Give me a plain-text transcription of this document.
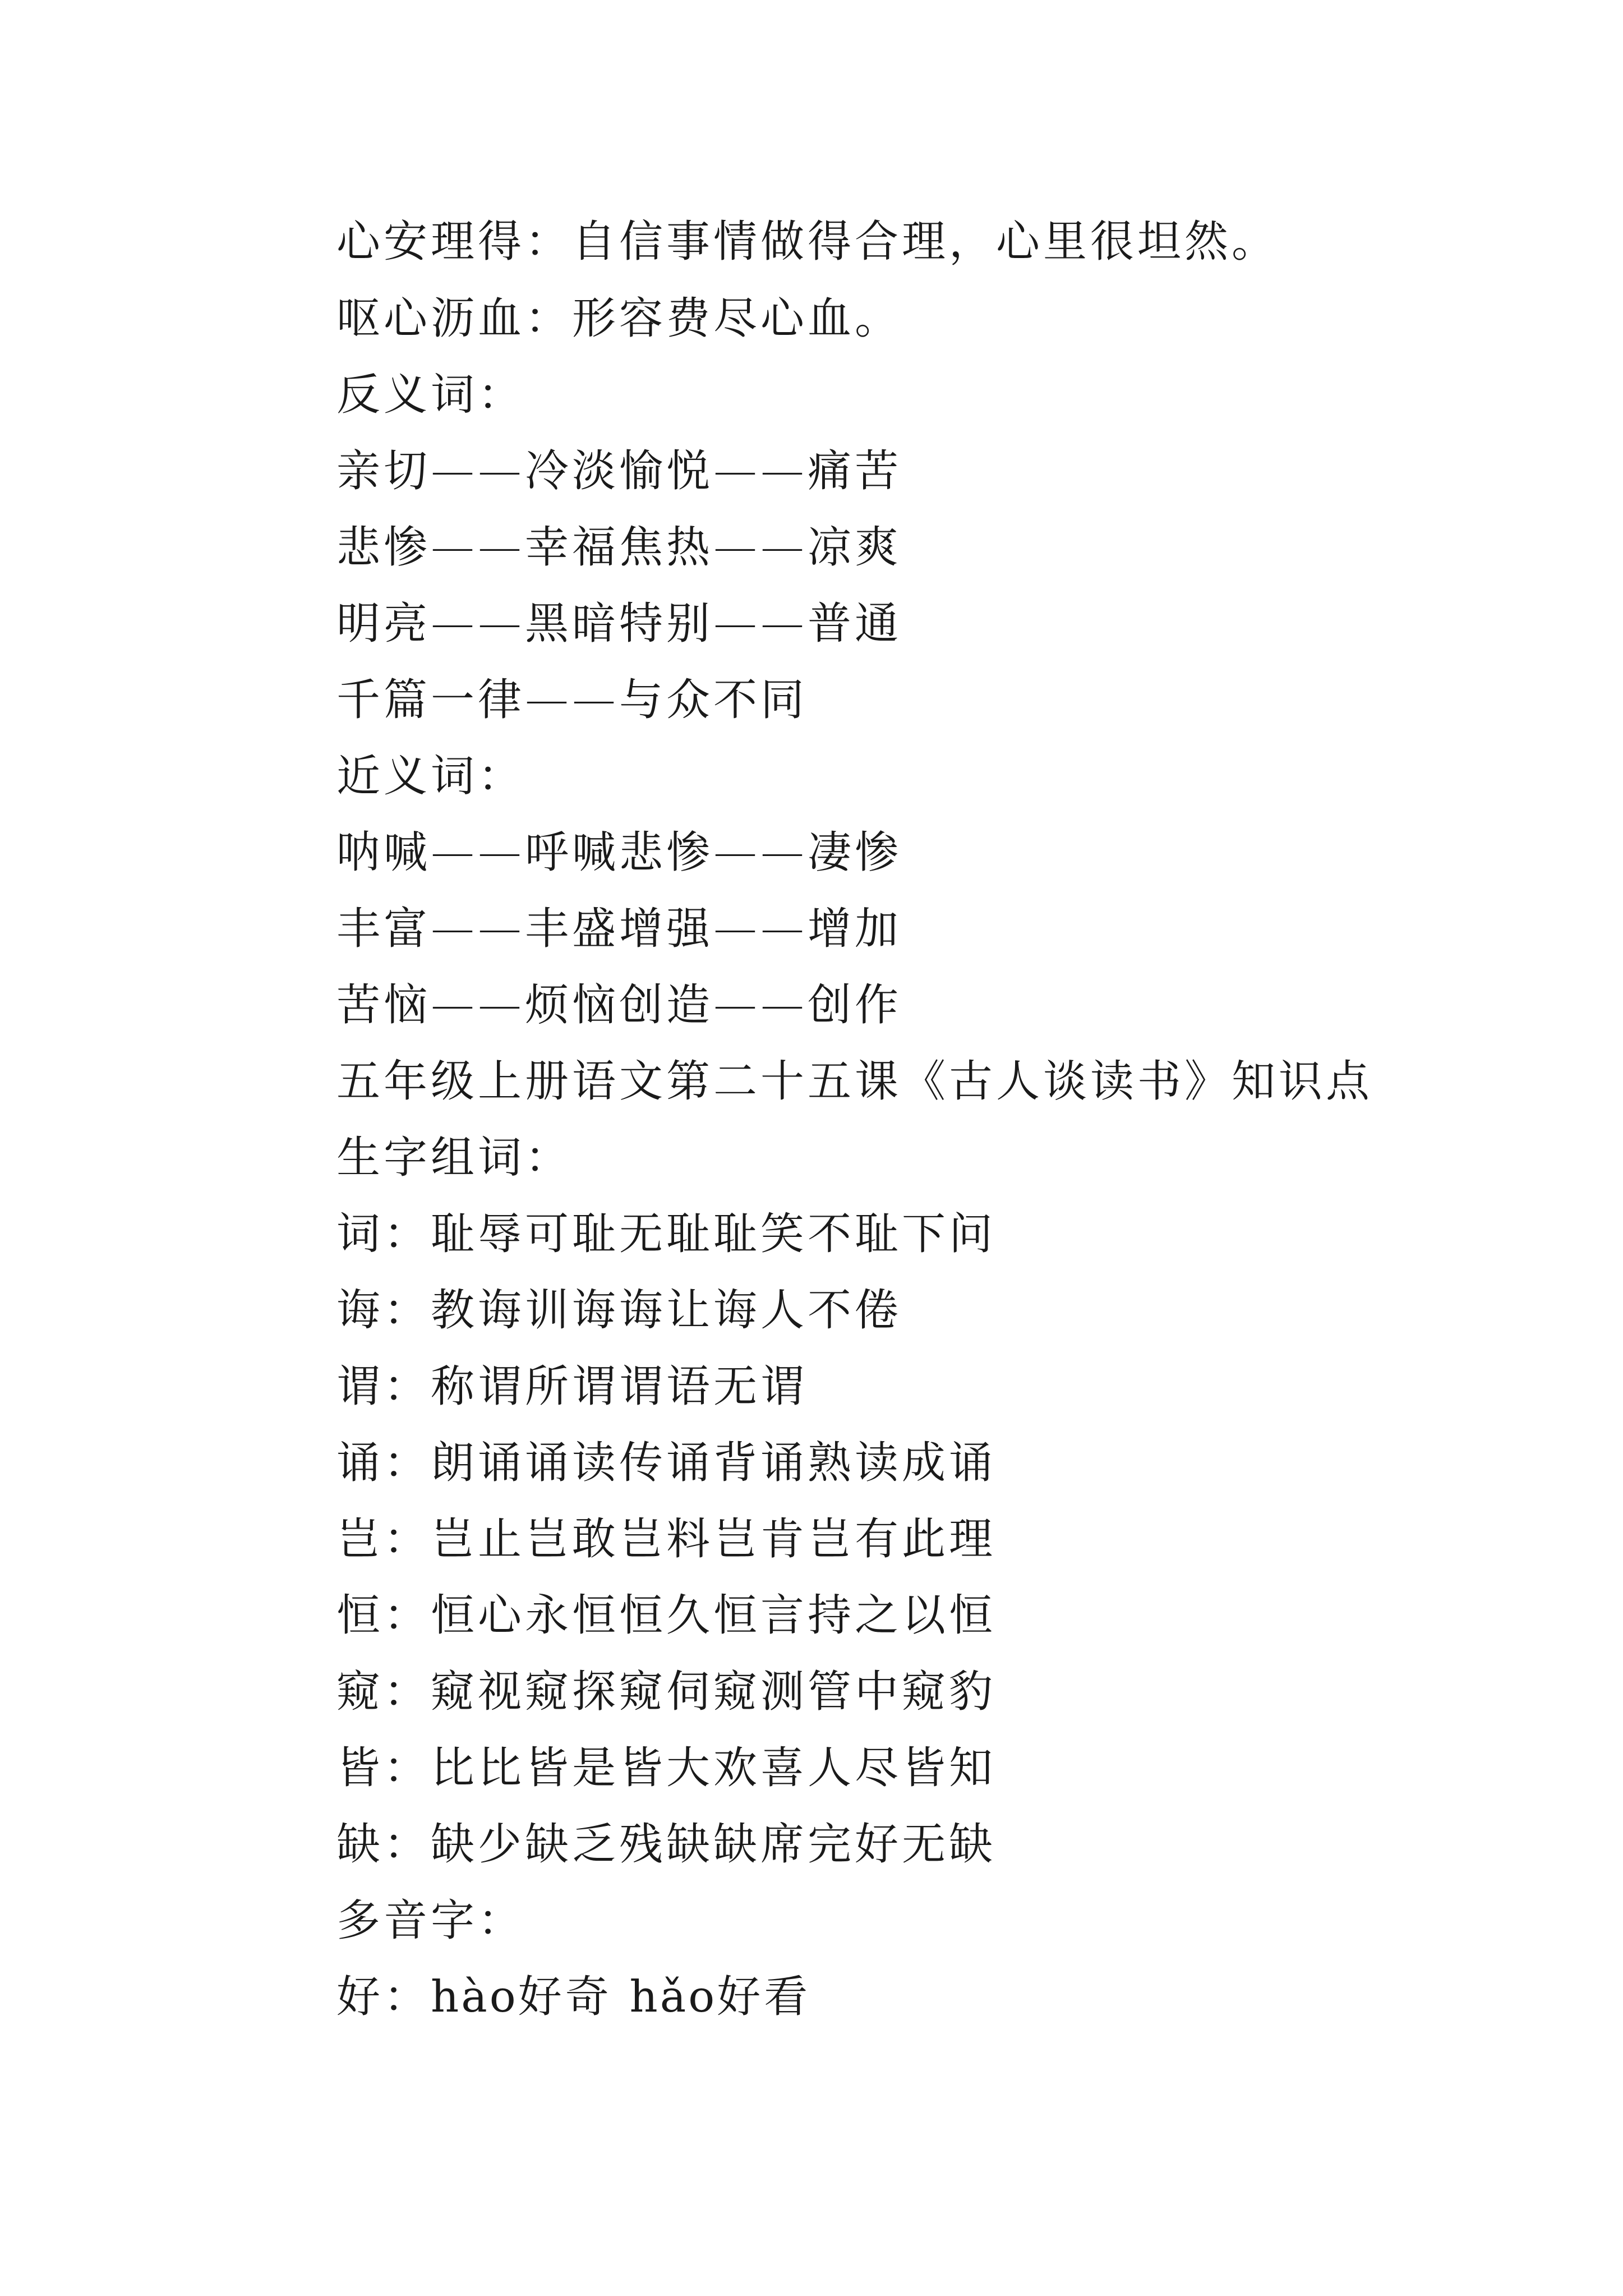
心安理得：自信事情做得合理，心里很坦然。
呕心沥血：形容费尽心血。
反义词：
亲切——冷淡愉悦——痛苦
悲惨——幸福焦热——凉爽
明亮——黑暗特别——普通
千篇一律——与众不同
近义词：
呐喊——呼喊悲惨——凄惨
丰富——丰盛增强——增加
苦恼——烦恼创造——创作
五年级上册语文第二十五课《古人谈读书》知识点
生字组词：
词：耻辱可耻无耻耻笑不耻下问
诲：教诲训诲诲让诲人不倦
谓：称谓所谓谓语无谓
诵：朗诵诵读传诵背诵熟读成诵
岂：岂止岂敢岂料岂肯岂有此理
恒：恒心永恒恒久恒言持之以恒
窥：窥视窥探窥伺窥测管中窥豹
皆：比比皆是皆大欢喜人尽皆知
缺：缺少缺乏残缺缺席完好无缺
多音字：
好：hào好奇 hǎo好看
